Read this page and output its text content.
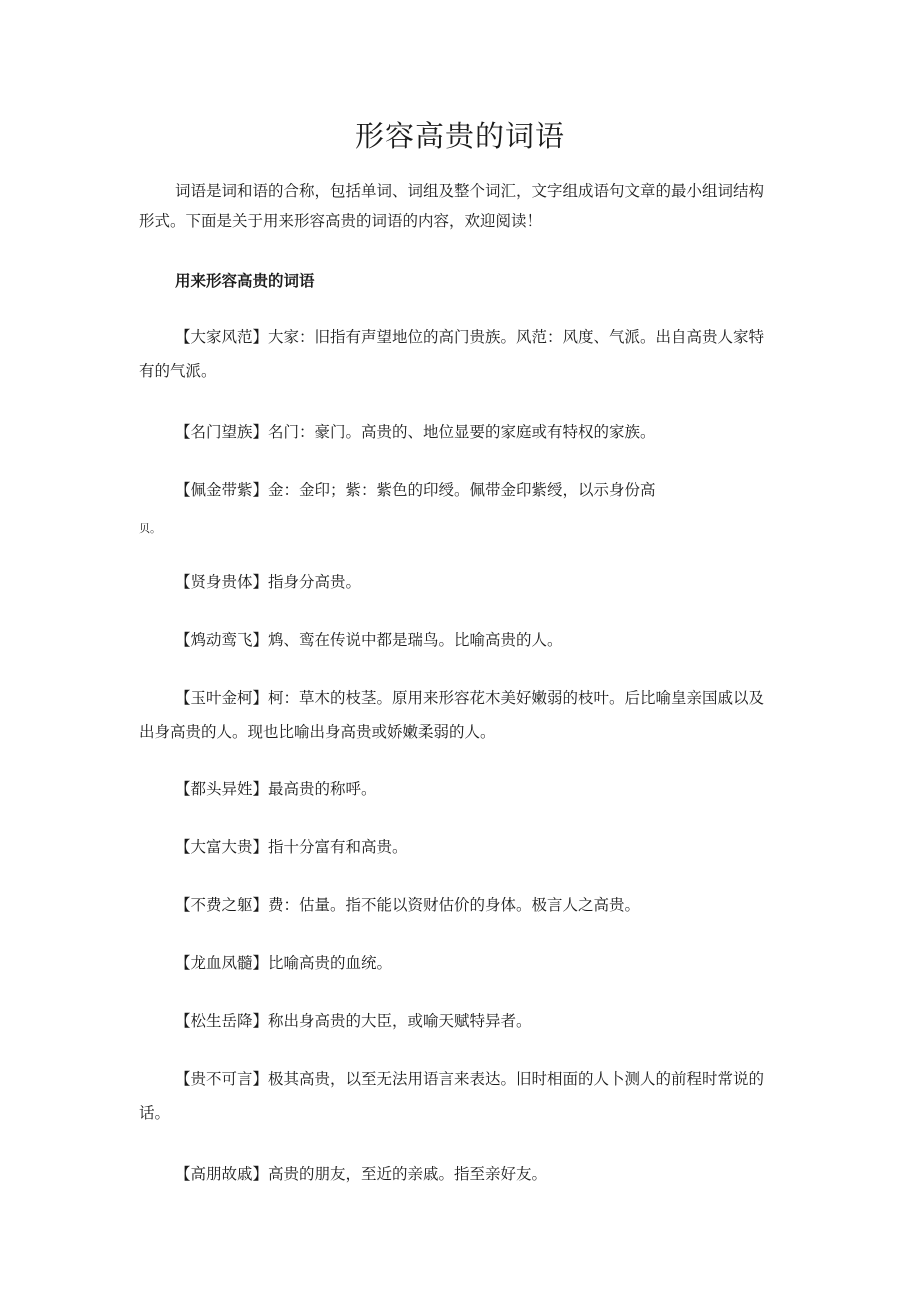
形容高贵的词语

词语是词和语的合称，包括单词、词组及整个词汇，文字组成语句文章的最小组词结构形式。下面是关于用来形容高贵的词语的内容，欢迎阅读！

用来形容高贵的词语

【大家风范】大家：旧指有声望地位的高门贵族。风范：风度、气派。出自高贵人家特有的气派。

【名门望族】名门：豪门。高贵的、地位显要的家庭或有特权的家族。

【佩金带紫】金：金印；紫：紫色的印绶。佩带金印紫绶，以示身份高

贝。

【贤身贵体】指身分高贵。

【鸩动鸾飞】鸩、鸾在传说中都是瑞鸟。比喻高贵的人。

【玉叶金柯】柯：草木的枝茎。原用来形容花木美好嫩弱的枝叶。后比喻皇亲国戚以及出身高贵的人。现也比喻出身高贵或娇嫩柔弱的人。

【都头异姓】最高贵的称呼。

【大富大贵】指十分富有和高贵。

【不费之躯】费：估量。指不能以资财估价的身体。极言人之高贵。

【龙血凤髓】比喻高贵的血统。

【松生岳降】称出身高贵的大臣，或喻天赋特异者。

【贵不可言】极其高贵，以至无法用语言来表达。旧时相面的人卜测人的前程时常说的话。

【高朋故戚】高贵的朋友，至近的亲戚。指至亲好友。
